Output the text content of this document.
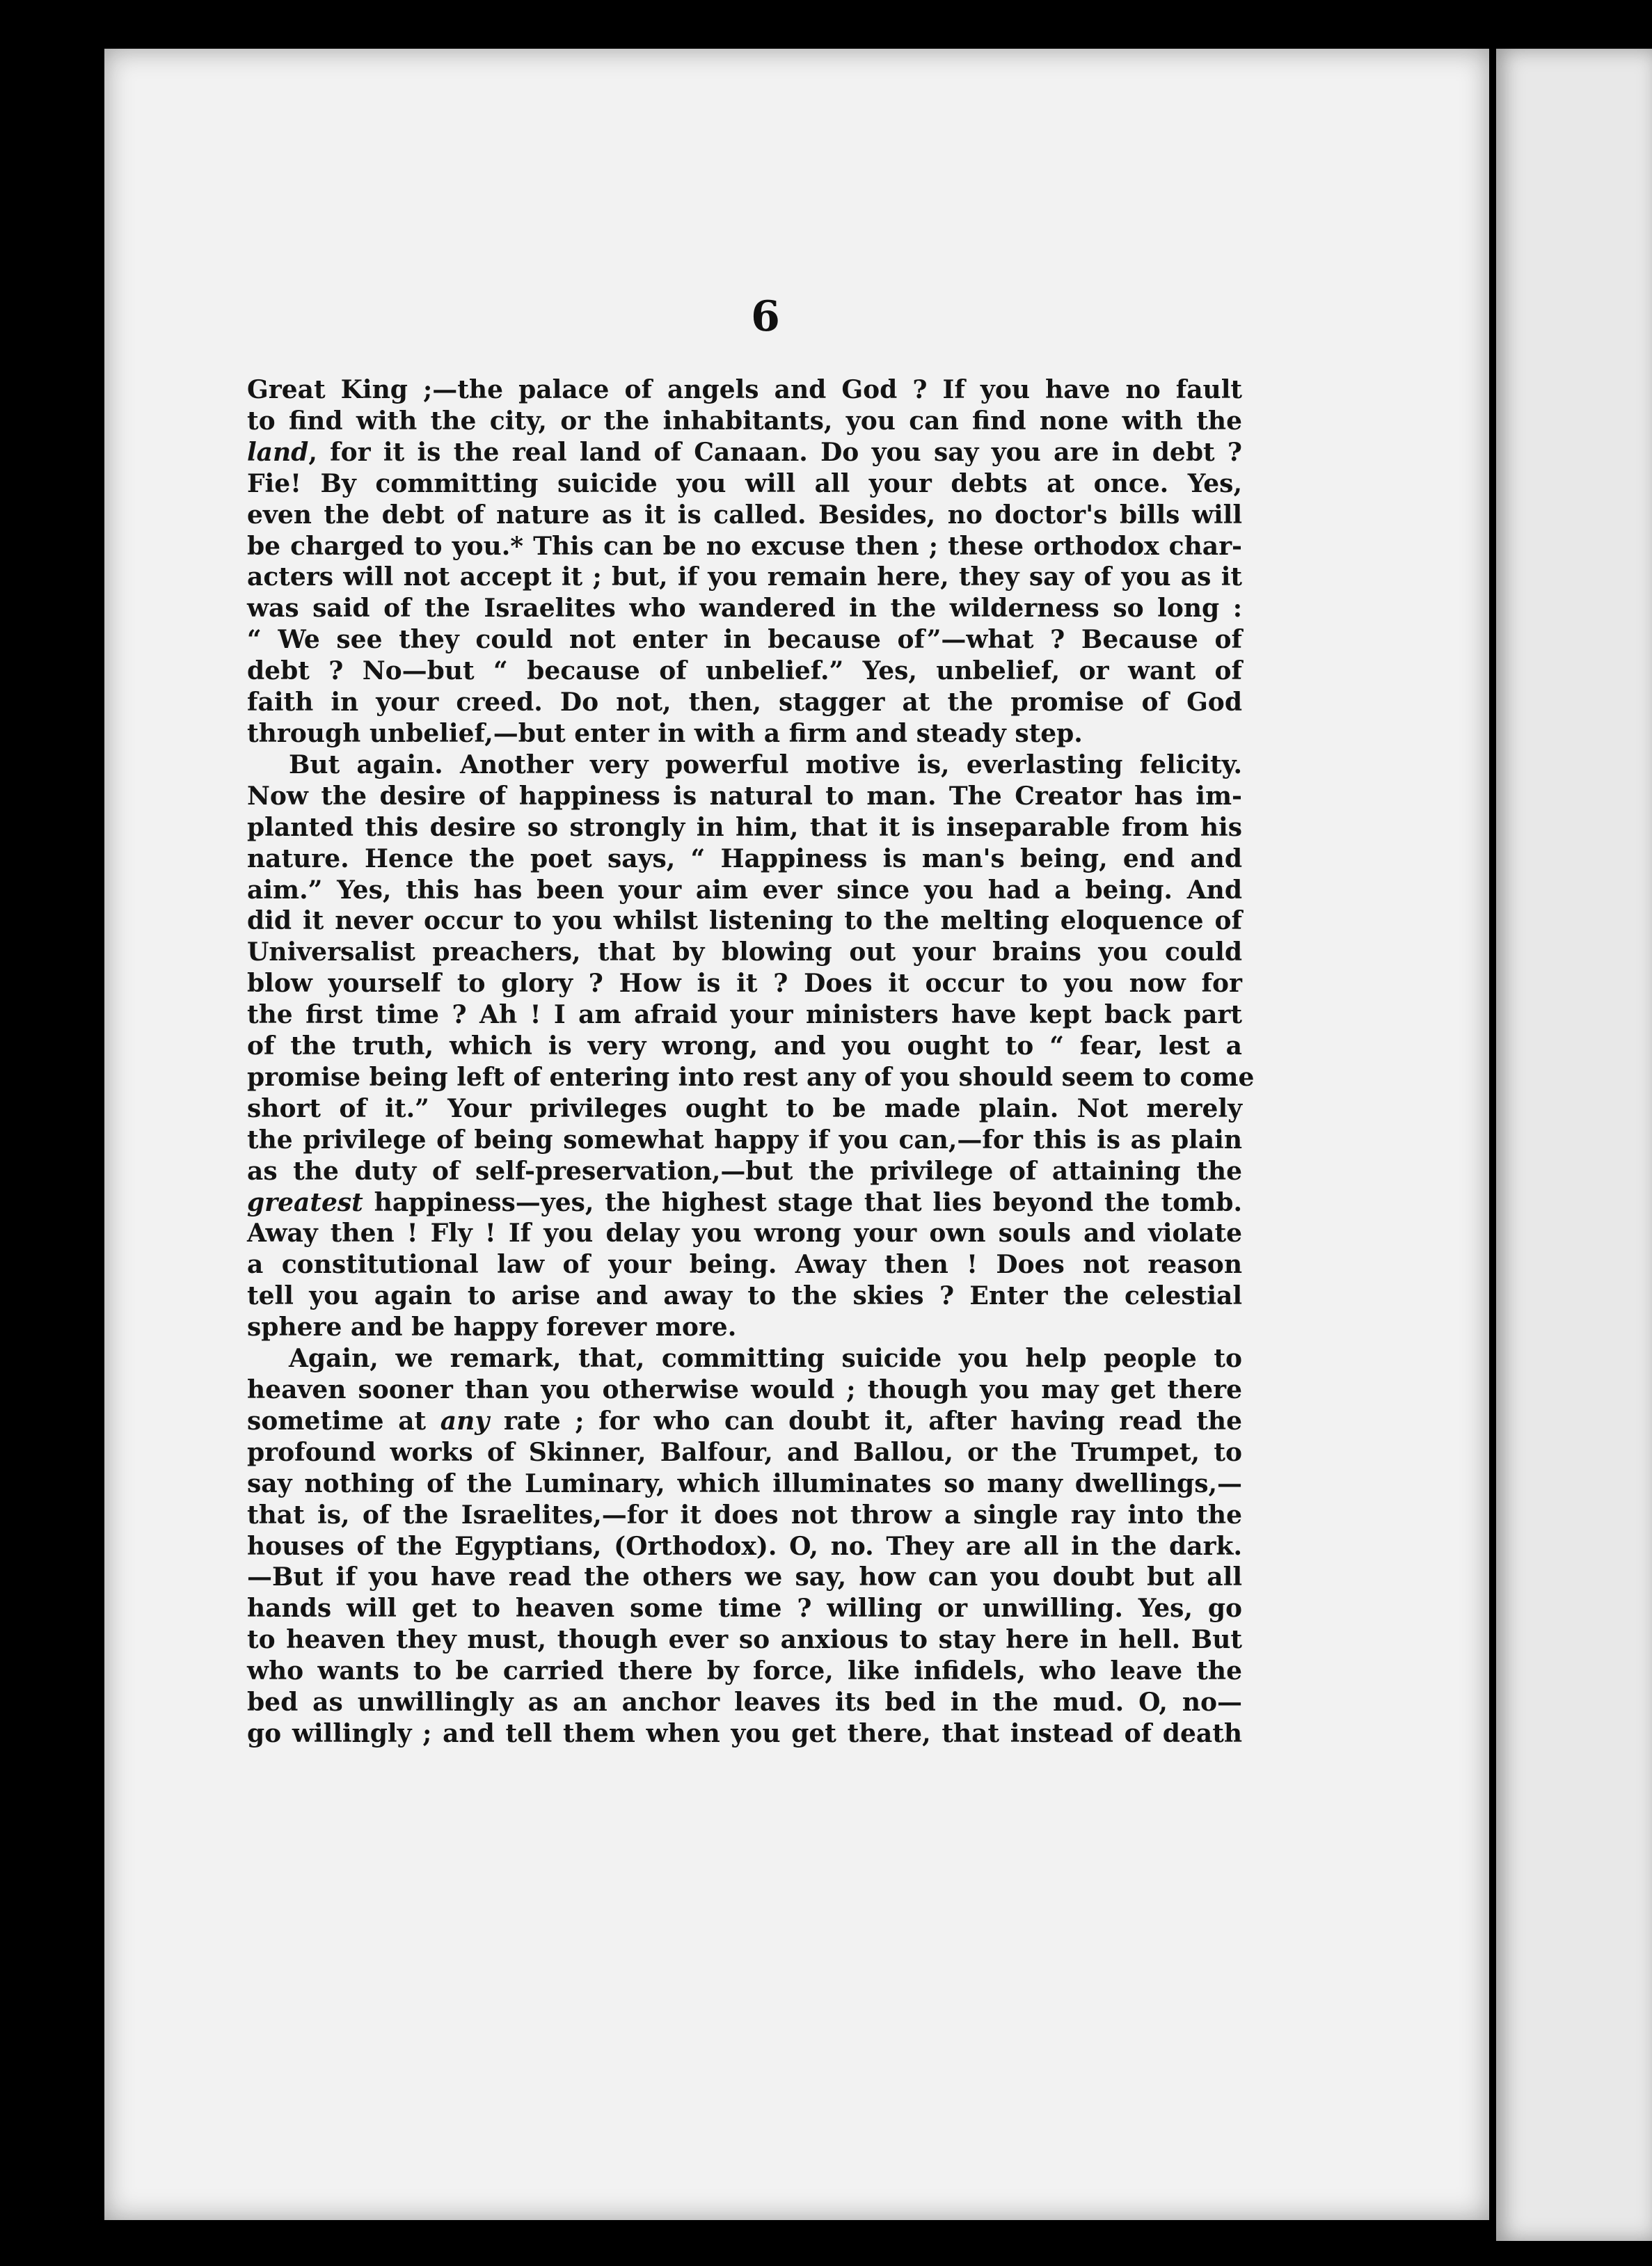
6
Great King ;—the palace of angels and God ? If you have no fault
to find with the city, or the inhabitants, you can find none with the
land, for it is the real land of Canaan. Do you say you are in debt ?
Fie! By committing suicide you will all your debts at once. Yes,
even the debt of nature as it is called. Besides, no doctor's bills will
be charged to you.* This can be no excuse then ; these orthodox char-
acters will not accept it ; but, if you remain here, they say of you as it
was said of the Israelites who wandered in the wilderness so long :
“ We see they could not enter in because of”—what ? Because of
debt ? No—but “ because of unbelief.” Yes, unbelief, or want of
faith in your creed. Do not, then, stagger at the promise of God
through unbelief,—but enter in with a firm and steady step.
But again. Another very powerful motive is, everlasting felicity.
Now the desire of happiness is natural to man. The Creator has im-
planted this desire so strongly in him, that it is inseparable from his
nature. Hence the poet says, “ Happiness is man's being, end and
aim.” Yes, this has been your aim ever since you had a being. And
did it never occur to you whilst listening to the melting eloquence of
Universalist preachers, that by blowing out your brains you could
blow yourself to glory ? How is it ? Does it occur to you now for
the first time ? Ah ! I am afraid your ministers have kept back part
of the truth, which is very wrong, and you ought to “ fear, lest a
promise being left of entering into rest any of you should seem to come
short of it.” Your privileges ought to be made plain. Not merely
the privilege of being somewhat happy if you can,—for this is as plain
as the duty of self-preservation,—but the privilege of attaining the
greatest happiness—yes, the highest stage that lies beyond the tomb.
Away then ! Fly ! If you delay you wrong your own souls and violate
a constitutional law of your being. Away then ! Does not reason
tell you again to arise and away to the skies ? Enter the celestial
sphere and be happy forever more.
Again, we remark, that, committing suicide you help people to
heaven sooner than you otherwise would ; though you may get there
sometime at any rate ; for who can doubt it, after having read the
profound works of Skinner, Balfour, and Ballou, or the Trumpet, to
say nothing of the Luminary, which illuminates so many dwellings,—
that is, of the Israelites,—for it does not throw a single ray into the
houses of the Egyptians, (Orthodox). O, no. They are all in the dark.
—But if you have read the others we say, how can you doubt but all
hands will get to heaven some time ? willing or unwilling. Yes, go
to heaven they must, though ever so anxious to stay here in hell. But
who wants to be carried there by force, like infidels, who leave the
bed as unwillingly as an anchor leaves its bed in the mud. O, no—
go willingly ; and tell them when you get there, that instead of death
